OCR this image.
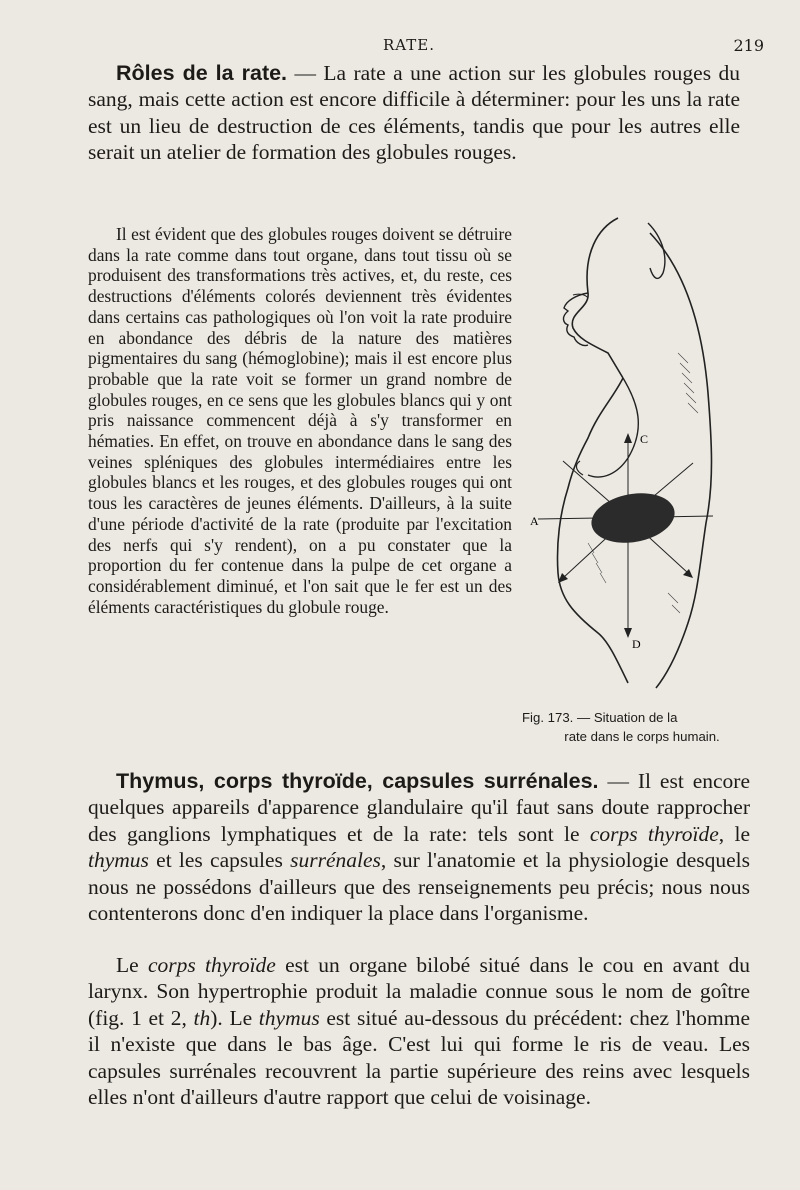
RATE.	219

Rôles de la rate. — La rate a une action sur les globules rouges du sang, mais cette action est encore difficile à déterminer: pour les uns la rate est un lieu de destruction de ces éléments, tandis que pour les autres elle serait un atelier de formation des globules rouges.

Il est évident que des globules rouges doivent se détruire dans la rate comme dans tout organe, dans tout tissu où se produisent des transformations très actives, et, du reste, ces destructions d'éléments colorés deviennent très évidentes dans certains cas pathologiques où l'on voit la rate produire en abondance des débris de la nature des matières pigmentaires du sang (hémoglobine); mais il est encore plus probable que la rate voit se former un grand nombre de globules rouges, en ce sens que les globules blancs qui y ont pris naissance commencent déjà à s'y transformer en hématies. En effet, on trouve en abondance dans le sang des veines spléniques des globules intermédiaires entre les globules blancs et les rouges, et des globules rouges qui ont tous les caractères de jeunes éléments. D'ailleurs, à la suite d'une période d'activité de la rate (produite par l'excitation des nerfs qui s'y rendent), on a pu constater que la proportion du fer contenue dans la pulpe de cet organe a considérablement diminué, et l'on sait que le fer est un des éléments caractéristiques du globule rouge.

A
C
D
Fig. 173. — Situation de la
rate dans le corps humain.

Thymus, corps thyroïde, capsules surrénales. — Il est encore quelques appareils d'apparence glandulaire qu'il faut sans doute rapprocher des ganglions lymphatiques et de la rate: tels sont le corps thyroïde, le thymus et les capsules surrénales, sur l'anatomie et la physiologie desquels nous ne possédons d'ailleurs que des renseignements peu précis; nous nous contenterons donc d'en indiquer la place dans l'organisme.

Le corps thyroïde est un organe bilobé situé dans le cou en avant du larynx. Son hypertrophie produit la maladie connue sous le nom de goître (fig. 1 et 2, th). Le thymus est situé au-dessous du précédent: chez l'homme il n'existe que dans le bas âge. C'est lui qui forme le ris de veau. Les capsules surrénales recouvrent la partie supérieure des reins avec lesquels elles n'ont d'ailleurs d'autre rapport que celui de voisinage.
